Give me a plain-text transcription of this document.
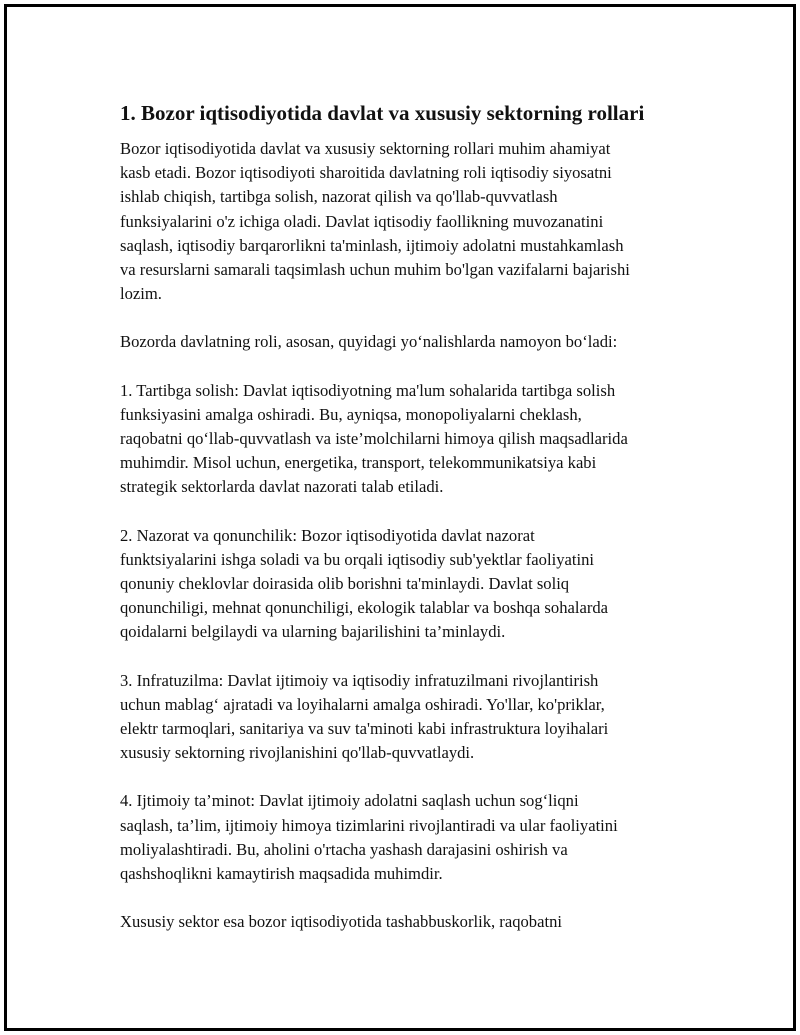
1. Bozor iqtisodiyotida davlat va xususiy sektorning rollari

Bozor iqtisodiyotida davlat va xususiy sektorning rollari muhim ahamiyat
kasb etadi. Bozor iqtisodiyoti sharoitida davlatning roli iqtisodiy siyosatni
ishlab chiqish, tartibga solish, nazorat qilish va qo'llab-quvvatlash
funksiyalarini o'z ichiga oladi. Davlat iqtisodiy faollikning muvozanatini
saqlash, iqtisodiy barqarorlikni ta'minlash, ijtimoiy adolatni mustahkamlash
va resurslarni samarali taqsimlash uchun muhim bo'lgan vazifalarni bajarishi
lozim.

Bozorda davlatning roli, asosan, quyidagi yo‘nalishlarda namoyon bo‘ladi:

1. Tartibga solish: Davlat iqtisodiyotning ma'lum sohalarida tartibga solish
funksiyasini amalga oshiradi. Bu, ayniqsa, monopoliyalarni cheklash,
raqobatni qo‘llab-quvvatlash va iste’molchilarni himoya qilish maqsadlarida
muhimdir. Misol uchun, energetika, transport, telekommunikatsiya kabi
strategik sektorlarda davlat nazorati talab etiladi.

2. Nazorat va qonunchilik: Bozor iqtisodiyotida davlat nazorat
funktsiyalarini ishga soladi va bu orqali iqtisodiy sub'yektlar faoliyatini
qonuniy cheklovlar doirasida olib borishni ta'minlaydi. Davlat soliq
qonunchiligi, mehnat qonunchiligi, ekologik talablar va boshqa sohalarda
qoidalarni belgilaydi va ularning bajarilishini ta’minlaydi.

3. Infratuzilma: Davlat ijtimoiy va iqtisodiy infratuzilmani rivojlantirish
uchun mablag‘ ajratadi va loyihalarni amalga oshiradi. Yo'llar, ko'priklar,
elektr tarmoqlari, sanitariya va suv ta'minoti kabi infrastruktura loyihalari
xususiy sektorning rivojlanishini qo'llab-quvvatlaydi.

4. Ijtimoiy ta’minot: Davlat ijtimoiy adolatni saqlash uchun sog‘liqni
saqlash, ta’lim, ijtimoiy himoya tizimlarini rivojlantiradi va ular faoliyatini
moliyalashtiradi. Bu, aholini o'rtacha yashash darajasini oshirish va
qashshoqlikni kamaytirish maqsadida muhimdir.

Xususiy sektor esa bozor iqtisodiyotida tashabbuskorlik, raqobatni
